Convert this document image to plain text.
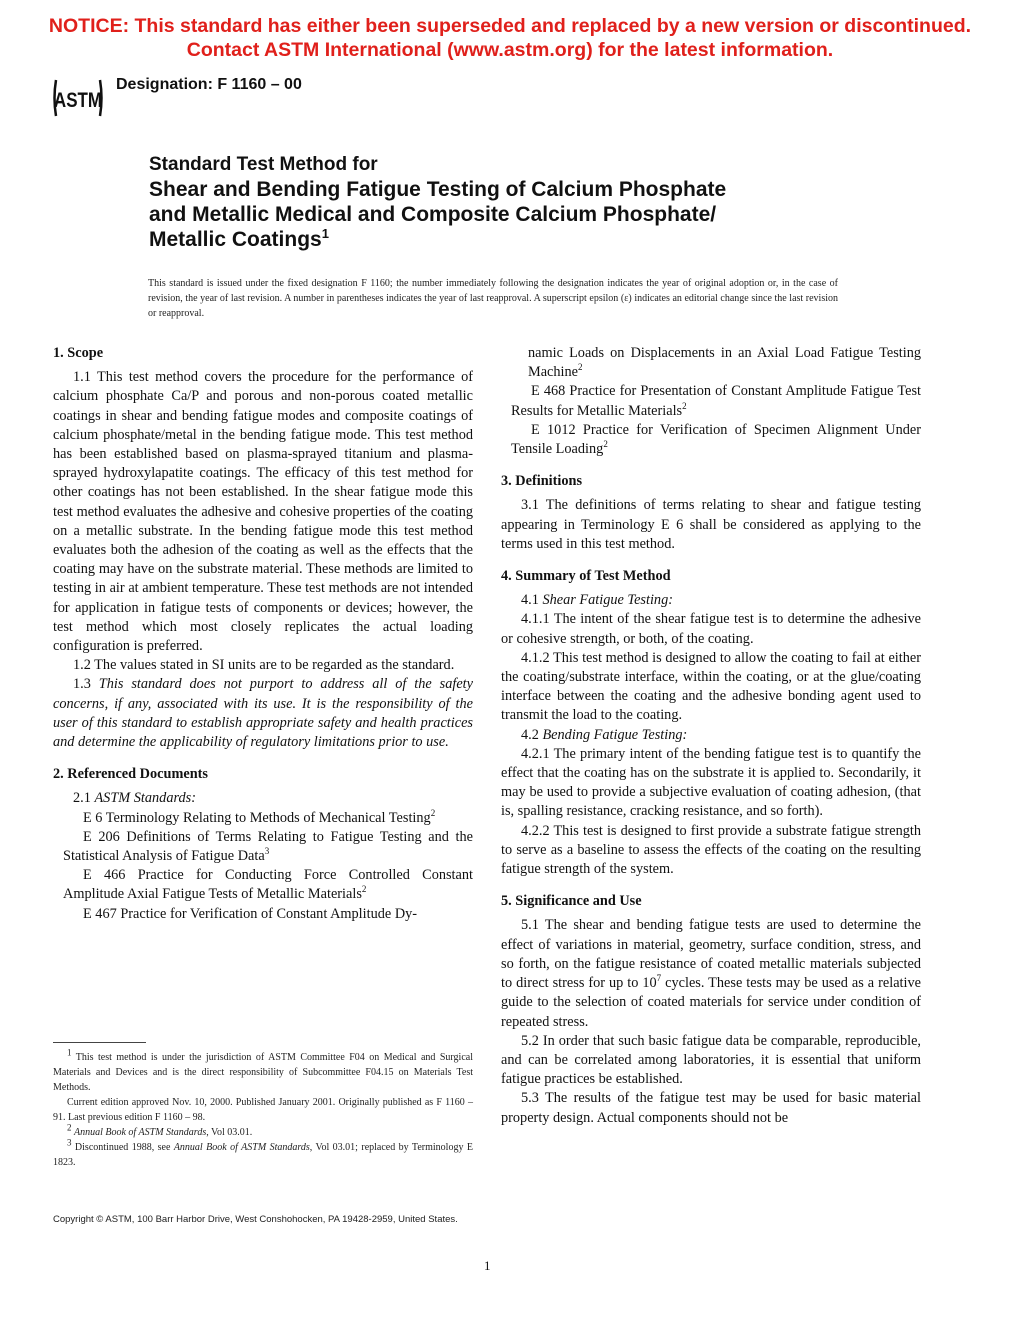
NOTICE: This standard has either been superseded and replaced by a new version or discontinued.
Contact ASTM International (www.astm.org) for the latest information.
ASTM
Designation: F 1160 – 00
Standard Test Method for
Shear and Bending Fatigue Testing of Calcium Phosphate
and Metallic Medical and Composite Calcium Phosphate/
Metallic Coatings$^1$
This standard is issued under the fixed designation F 1160; the number immediately following the designation indicates the year of original adoption or, in the case of revision, the year of last revision. A number in parentheses indicates the year of last reapproval. A superscript epsilon (ε) indicates an editorial change since the last revision or reapproval.
1. Scope

1.1 This test method covers the procedure for the performance of calcium phosphate Ca/P and porous and non-porous coated metallic coatings in shear and bending fatigue modes and composite coatings of calcium phosphate/metal in the bending fatigue mode. This test method has been established based on plasma-sprayed titanium and plasma-sprayed hydroxylapatite coatings. The efficacy of this test method for other coatings has not been established. In the shear fatigue mode this test method evaluates the adhesive and cohesive properties of the coating on a metallic substrate. In the bending fatigue mode this test method evaluates both the adhesion of the coating as well as the effects that the coating may have on the substrate material. These methods are limited to testing in air at ambient temperature. These test methods are not intended for application in fatigue tests of components or devices; however, the test method which most closely replicates the actual loading configuration is preferred.

1.2 The values stated in SI units are to be regarded as the standard.

1.3 This standard does not purport to address all of the safety concerns, if any, associated with its use. It is the responsibility of the user of this standard to establish appropriate safety and health practices and determine the applicability of regulatory limitations prior to use.

2. Referenced Documents

2.1 ASTM Standards:

E 6 Terminology Relating to Methods of Mechanical Testing$^2$

E 206 Definitions of Terms Relating to Fatigue Testing and the Statistical Analysis of Fatigue Data$^3$

E 466 Practice for Conducting Force Controlled Constant Amplitude Axial Fatigue Tests of Metallic Materials$^2$

E 467 Practice for Verification of Constant Amplitude Dy-

namic Loads on Displacements in an Axial Load Fatigue Testing Machine$^2$

E 468 Practice for Presentation of Constant Amplitude Fatigue Test Results for Metallic Materials$^2$

E 1012 Practice for Verification of Specimen Alignment Under Tensile Loading$^2$

3. Definitions

3.1 The definitions of terms relating to shear and fatigue testing appearing in Terminology E 6 shall be considered as applying to the terms used in this test method.

4. Summary of Test Method

4.1 Shear Fatigue Testing:

4.1.1 The intent of the shear fatigue test is to determine the adhesive or cohesive strength, or both, of the coating.

4.1.2 This test method is designed to allow the coating to fail at either the coating/substrate interface, within the coating, or at the glue/coating interface between the coating and the adhesive bonding agent used to transmit the load to the coating.

4.2 Bending Fatigue Testing:

4.2.1 The primary intent of the bending fatigue test is to quantify the effect that the coating has on the substrate it is applied to. Secondarily, it may be used to provide a subjective evaluation of coating adhesion, (that is, spalling resistance, cracking resistance, and so forth).

4.2.2 This test is designed to first provide a substrate fatigue strength to serve as a baseline to assess the effects of the coating on the resulting fatigue strength of the system.

5. Significance and Use

5.1 The shear and bending fatigue tests are used to determine the effect of variations in material, geometry, surface condition, stress, and so forth, on the fatigue resistance of coated metallic materials subjected to direct stress for up to $10^7$ cycles. These tests may be used as a relative guide to the selection of coated materials for service under condition of repeated stress.

5.2 In order that such basic fatigue data be comparable, reproducible, and can be correlated among laboratories, it is essential that uniform fatigue practices be established.

5.3 The results of the fatigue test may be used for basic material property design. Actual components should not be

$^1$ This test method is under the jurisdiction of ASTM Committee F04 on Medical and Surgical Materials and Devices and is the direct responsibility of Subcommittee F04.15 on Materials Test Methods.

Current edition approved Nov. 10, 2000. Published January 2001. Originally published as F 1160 – 91. Last previous edition F 1160 – 98.

$^2$ Annual Book of ASTM Standards, Vol 03.01.

$^3$ Discontinued 1988, see Annual Book of ASTM Standards, Vol 03.01; replaced by Terminology E 1823.

Copyright © ASTM, 100 Barr Harbor Drive, West Conshohocken, PA 19428-2959, United States.
1
